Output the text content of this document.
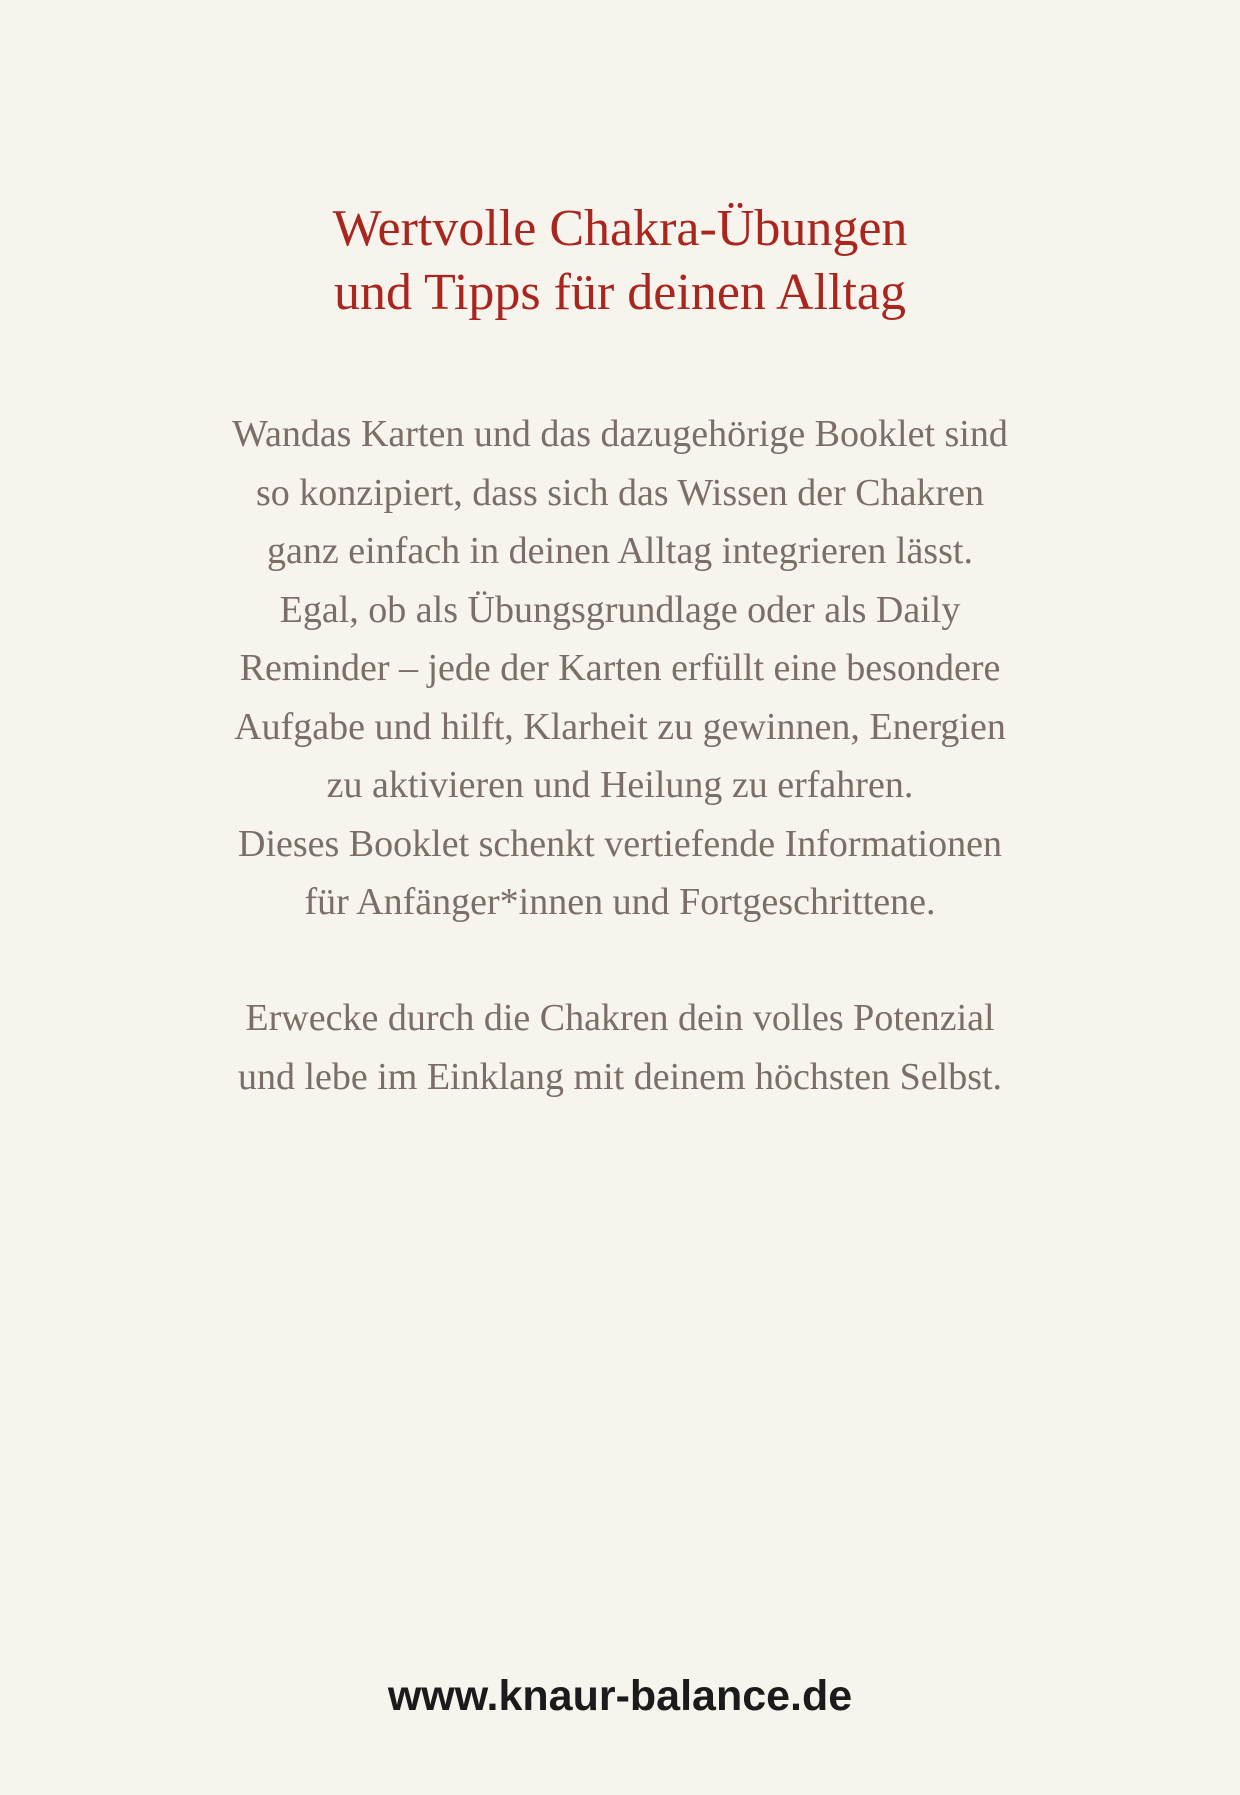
Wertvolle Chakra-Übungen
und Tipps für deinen Alltag
Wandas Karten und das dazugehörige Booklet sind
so konzipiert, dass sich das Wissen der Chakren
ganz einfach in deinen Alltag integrieren lässt.
Egal, ob als Übungsgrundlage oder als Daily
Reminder – jede der Karten erfüllt eine besondere
Aufgabe und hilft, Klarheit zu gewinnen, Energien
zu aktivieren und Heilung zu erfahren.
Dieses Booklet schenkt vertiefende Informationen
für Anfänger*innen und Fortgeschrittene.
Erwecke durch die Chakren dein volles Potenzial
und lebe im Einklang mit deinem höchsten Selbst.
www.knaur-balance.de
